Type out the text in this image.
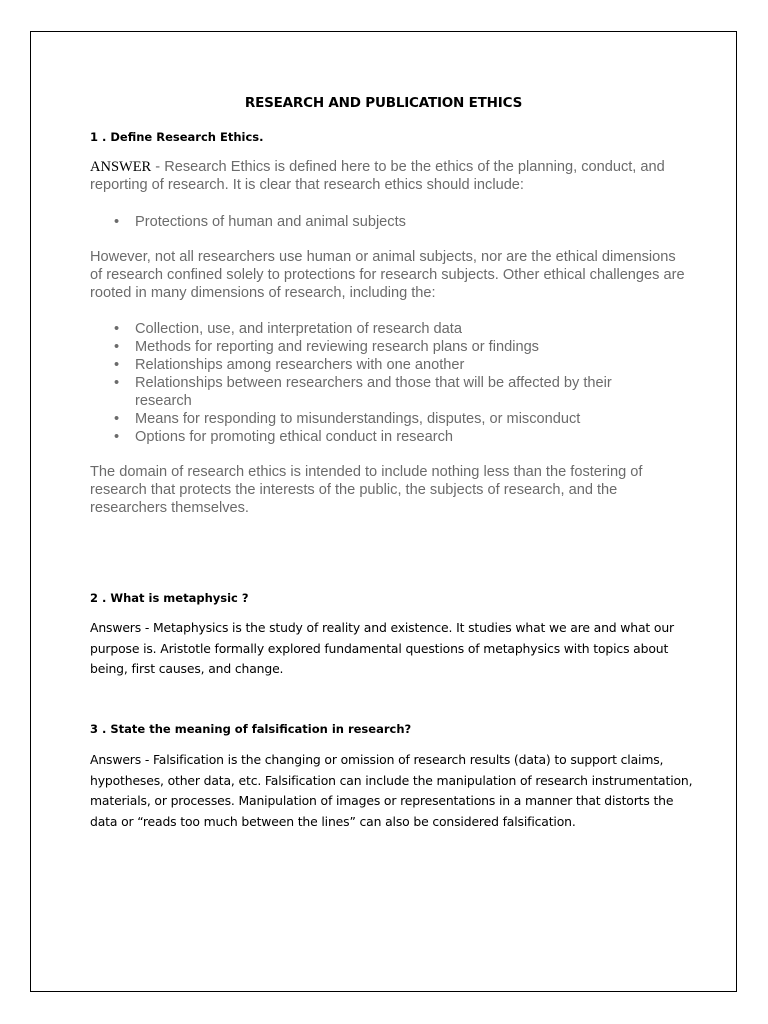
RESEARCH AND PUBLICATION ETHICS
1 . Define Research Ethics.
ANSWER - Research Ethics is defined here to be the ethics of the planning, conduct, and reporting of research. It is clear that research ethics should include:
• Protections of human and animal subjects
However, not all researchers use human or animal subjects, nor are the ethical dimensions of research confined solely to protections for research subjects. Other ethical challenges are rooted in many dimensions of research, including the:
• Collection, use, and interpretation of research data
• Methods for reporting and reviewing research plans or findings
• Relationships among researchers with one another
• Relationships between researchers and those that will be affected by their research
• Means for responding to misunderstandings, disputes, or misconduct
• Options for promoting ethical conduct in research
The domain of research ethics is intended to include nothing less than the fostering of research that protects the interests of the public, the subjects of research, and the researchers themselves.
2 . What is metaphysic ?
Answers - Metaphysics is the study of reality and existence. It studies what we are and what our purpose is. Aristotle formally explored fundamental questions of metaphysics with topics about being, first causes, and change.
3 . State the meaning of falsification in research?
Answers - Falsification is the changing or omission of research results (data) to support claims, hypotheses, other data, etc. Falsification can include the manipulation of research instrumentation, materials, or processes. Manipulation of images or representations in a manner that distorts the data or “reads too much between the lines” can also be considered falsification.
